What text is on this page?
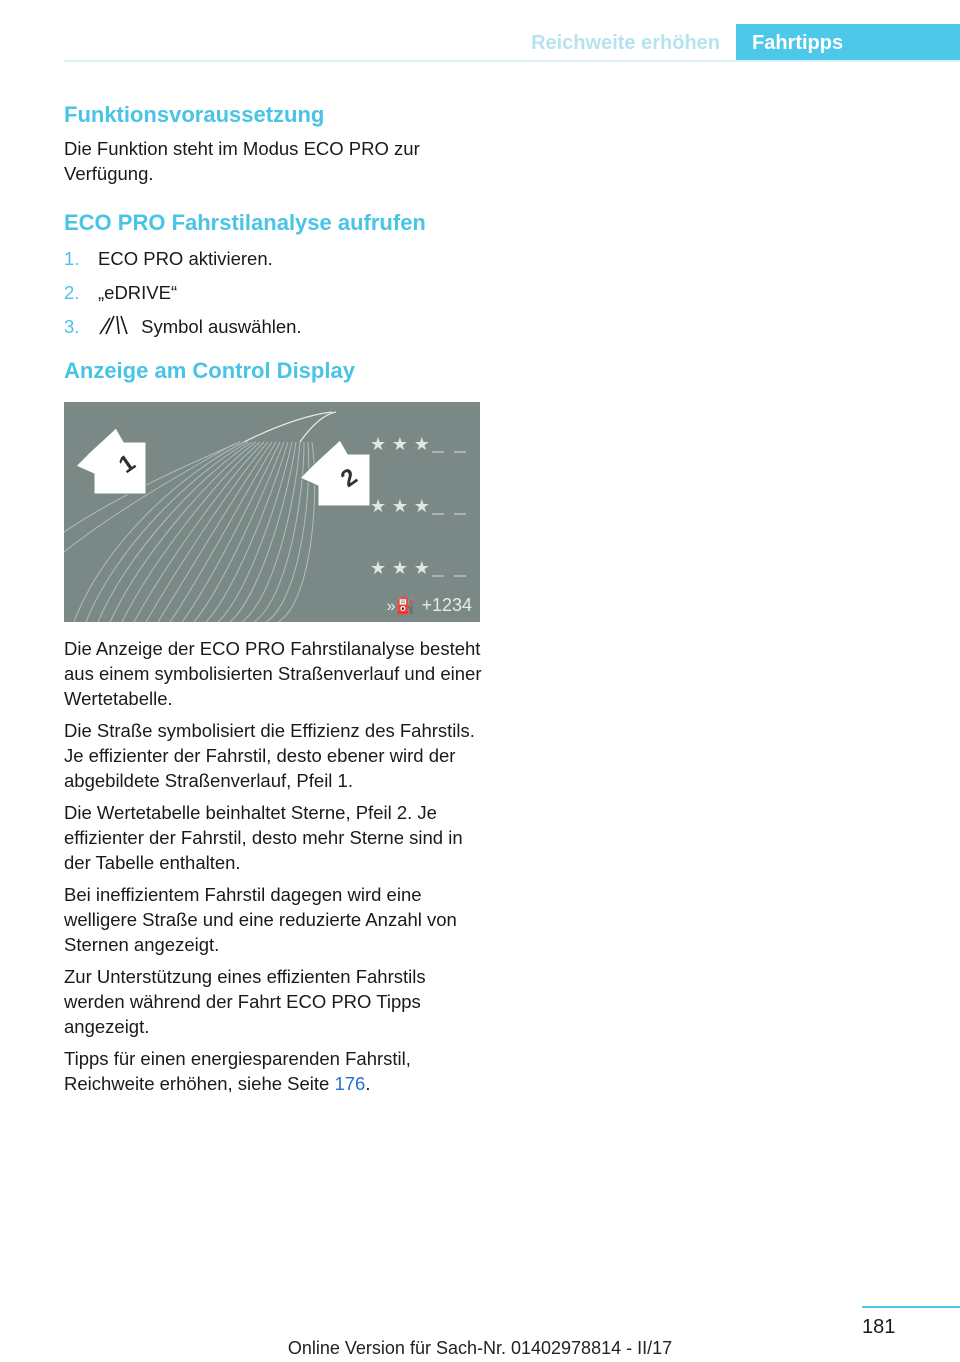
Reichweite erhöhen	Fahrtipps
Funktionsvoraussetzung

Die Funktion steht im Modus ECO PRO zur Verfügung.

ECO PRO Fahrstilanalyse aufrufen
1. ECO PRO aktivieren.
2. „eDRIVE“
3.	Symbol auswählen.
Anzeige am Control Display
1	2
★ ★ ★
★ ★ ★
★ ★ ★
»⛽ +1234

Die Anzeige der ECO PRO Fahrstilanalyse besteht aus einem symbolisierten Straßenverlauf und einer Wertetabelle.

Die Straße symbolisiert die Effizienz des Fahrstils. Je effizienter der Fahrstil, desto ebener wird der abgebildete Straßenverlauf, Pfeil 1.

Die Wertetabelle beinhaltet Sterne, Pfeil 2. Je effizienter der Fahrstil, desto mehr Sterne sind in der Tabelle enthalten.

Bei ineffizientem Fahrstil dagegen wird eine welligere Straße und eine reduzierte Anzahl von Sternen angezeigt.

Zur Unterstützung eines effizienten Fahrstils werden während der Fahrt ECO PRO Tipps angezeigt.

Tipps für einen energiesparenden Fahrstil, Reichweite erhöhen, siehe Seite 176.

181
Online Version für Sach-Nr. 01402978814 - II/17
